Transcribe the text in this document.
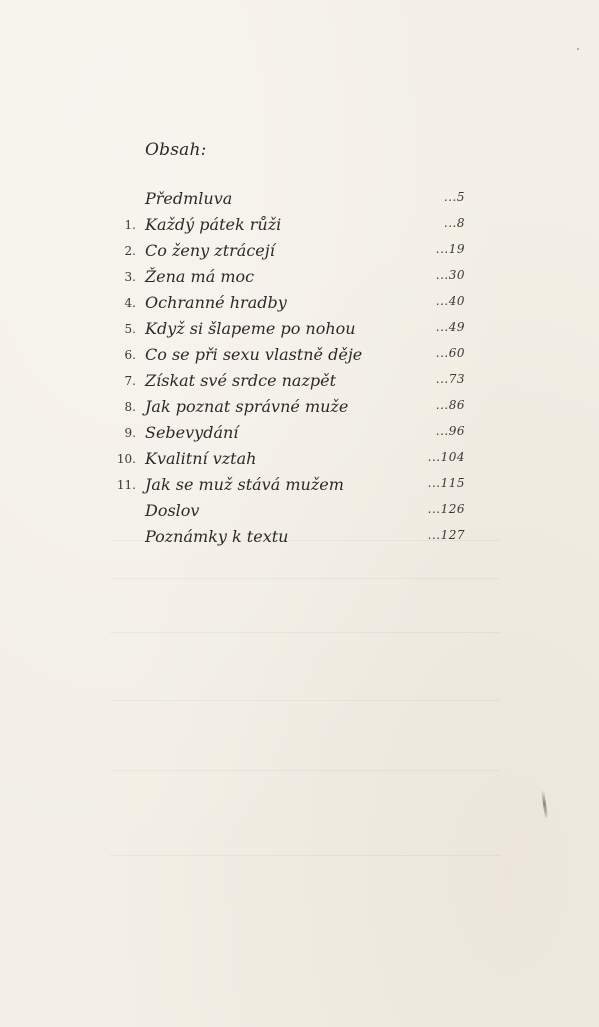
Obsah:
Předmluva	...5
1. Každý pátek růži	...8
2. Co ženy ztrácejí	...19
3. Žena má moc	...30
4. Ochranné hradby	...40
5. Když si šlapeme po nohou	...49
6. Co se při sexu vlastně děje	...60
7. Získat své srdce nazpět	...73
8. Jak poznat správné muže	...86
9. Sebevydání	...96
10. Kvalitní vztah	...104
11. Jak se muž stává mužem	...115
Doslov	...126
Poznámky k textu	...127
